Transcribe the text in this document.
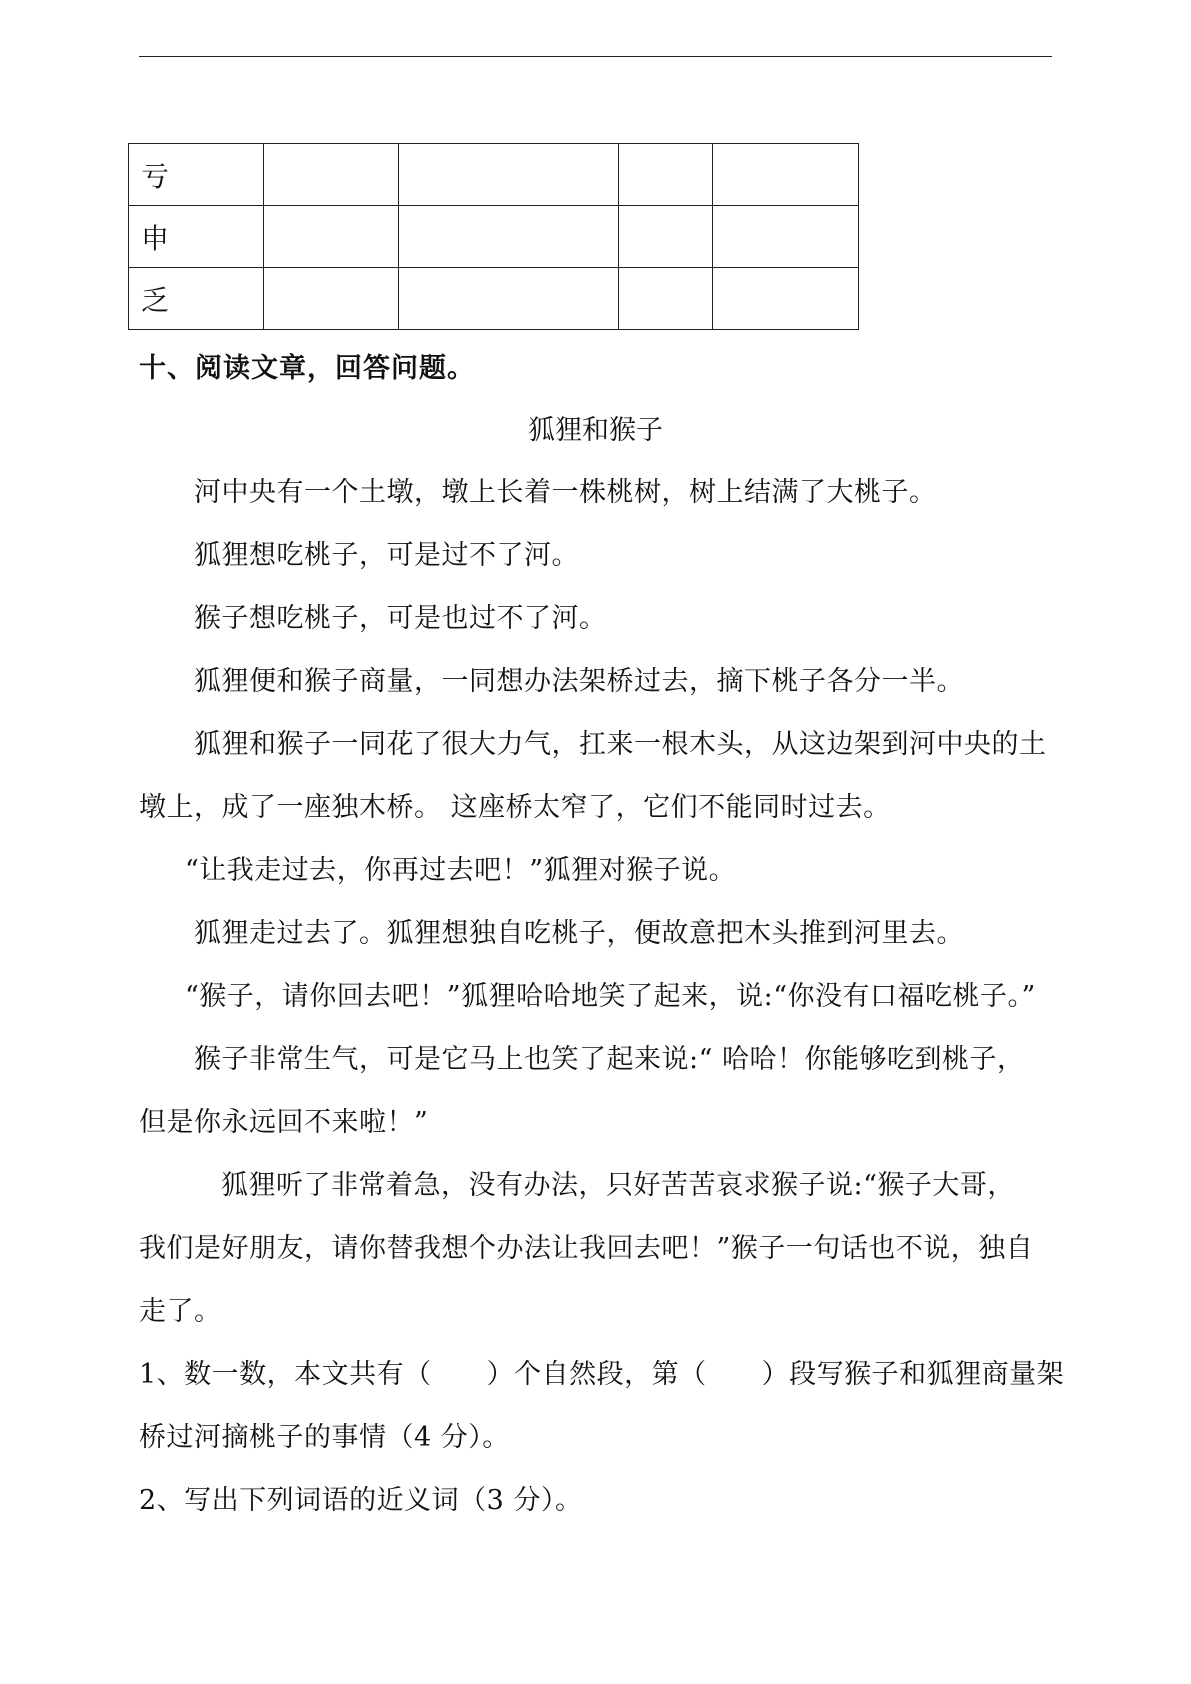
亏				
申				
乏				
十、阅读文章，回答问题。
狐狸和猴子
河中央有一个土墩，墩上长着一株桃树，树上结满了大桃子。
狐狸想吃桃子，可是过不了河。
猴子想吃桃子，可是也过不了河。
狐狸便和猴子商量，一同想办法架桥过去，摘下桃子各分一半。
狐狸和猴子一同花了很大力气，扛来一根木头，从这边架到河中央的土
墩上，成了一座独木桥。 这座桥太窄了，它们不能同时过去。
“让我走过去，你再过去吧！”狐狸对猴子说。
狐狸走过去了。狐狸想独自吃桃子，便故意把木头推到河里去。
“猴子，请你回去吧！”狐狸哈哈地笑了起来，说:“你没有口福吃桃子。”
猴子非常生气，可是它马上也笑了起来说:“ 哈哈！你能够吃到桃子，
但是你永远回不来啦！”
狐狸听了非常着急，没有办法，只好苦苦哀求猴子说:“猴子大哥，
我们是好朋友，请你替我想个办法让我回去吧！”猴子一句话也不说，独自
走了。
1、数一数，本文共有（　　）个自然段，第（　　）段写猴子和狐狸商量架
桥过河摘桃子的事情（4 分）。
2、写出下列词语的近义词（3 分）。
